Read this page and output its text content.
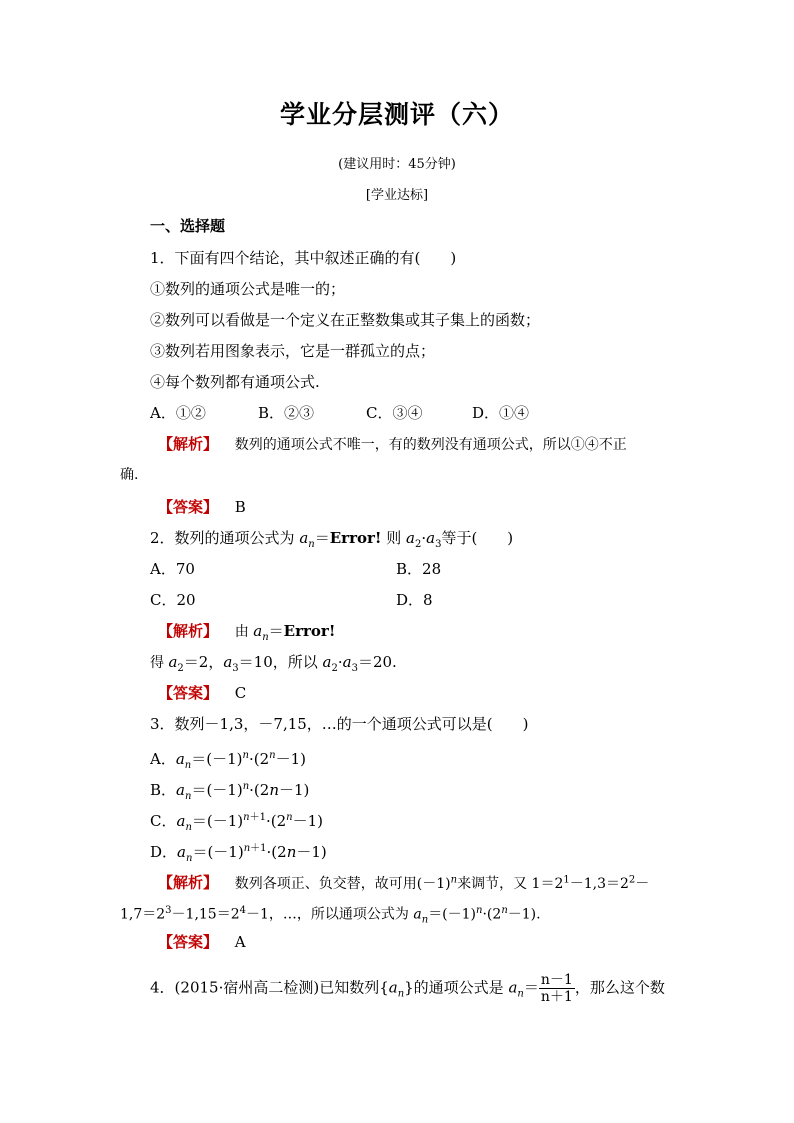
学业分层测评（六）
(建议用时：45分钟)
[学业达标]
一、选择题
1．下面有四个结论，其中叙述正确的有(　　)
①数列的通项公式是唯一的；
②数列可以看做是一个定义在正整数集或其子集上的函数；
③数列若用图象表示，它是一群孤立的点；
④每个数列都有通项公式.
A．①②	B．②③	C．③④	D．①④
【解析】 数列的通项公式不唯一，有的数列没有通项公式，所以①④不正
确.
【答案】 B
2．数列的通项公式为 $a_n=Error$! 则 $a_2\cdot a_3$等于(　　)
A．70	B．28
C．20	D．8
【解析】 由 $a_n=Error$!
得 $a_2=2$，$a_3=10$，所以 $a_2\cdot a_3=20$.
【答案】 C
3．数列－1,3，－7,15，…的一个通项公式可以是(　　)
A．$a_n=(-1)^n\cdot(2^n-1)$
B．$a_n=(-1)^n\cdot(2n-1)$
C．$a_n=(-1)^{n+1}\cdot(2^n-1)$
D．$a_n=(-1)^{n+1}\cdot(2n-1)$
【解析】 数列各项正、负交替，故可用$(-1)^n$来调节，又 $1=2^1-1,3=2^2-$
$1,7=2^3-1,15=2^4-1$，…，所以通项公式为 $a_n=(-1)^n\cdot(2^n-1)$.
【答案】 A
4．(2015·宿州高二检测)已知数列$\{a_n\}$的通项公式是 $a_n= \frac{n-1}{n+1}$ ，那么这个数
